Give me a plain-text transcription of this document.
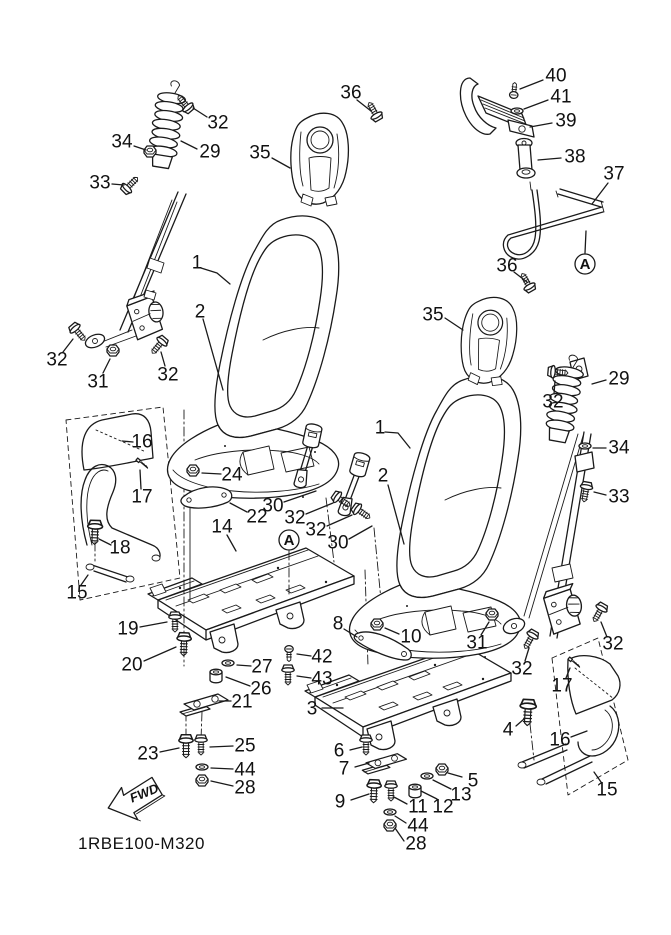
FWD
1RBE100-M320
40
41
39
38
37
36
36
35
35
32
34	29
33
1
2
32
31	32
16
17
18
15
24
22
30
32
32
30
14
1
2
32
29
34
33
31
32
32
17
16
15
4
8
10
19
20	27
26
21
42
43
3
23	25
44
28
6
7
9	11 12
13
5
44
28
A
A
